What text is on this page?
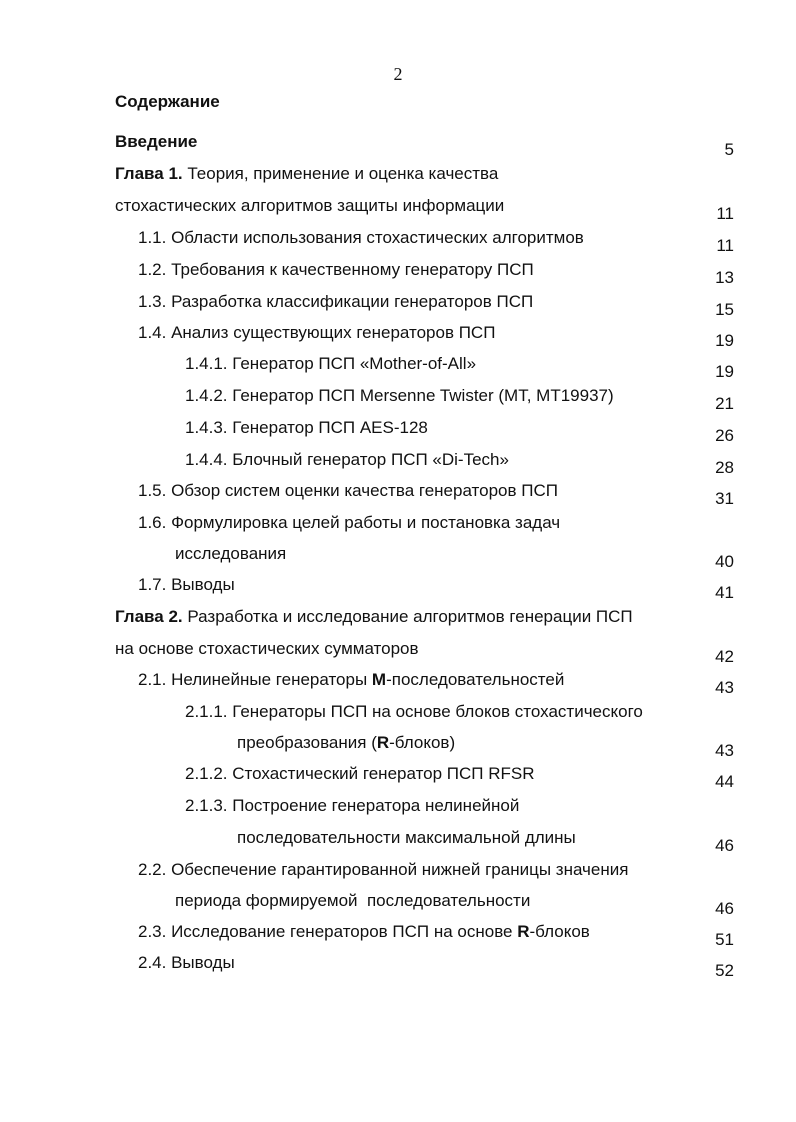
2
Содержание
Введение	5
Глава 1. Теория, применение и оценка качества
стохастических алгоритмов защиты информации	11
1.1. Области использования стохастических алгоритмов	11
1.2. Требования к качественному генератору ПСП	13
1.3. Разработка классификации генераторов ПСП	15
1.4. Анализ существующих генераторов ПСП	19
1.4.1. Генератор ПСП «Mother-of-All»	19
1.4.2. Генератор ПСП Mersenne Twister (MT, MT19937)	21
1.4.3. Генератор ПСП AES-128	26
1.4.4. Блочный генератор ПСП «Di-Tech»	28
1.5. Обзор систем оценки качества генераторов ПСП	31
1.6. Формулировка целей работы и постановка задач
исследования	40
1.7. Выводы	41
Глава 2. Разработка и исследование алгоритмов генерации ПСП
на основе стохастических сумматоров	42
2.1. Нелинейные генераторы M-последовательностей	43
2.1.1. Генераторы ПСП на основе блоков стохастического
преобразования (R-блоков)	43
2.1.2. Стохастический генератор ПСП RFSR	44
2.1.3. Построение генератора нелинейной
последовательности максимальной длины	46
2.2. Обеспечение гарантированной нижней границы значения
периода формируемой  последовательности	46
2.3. Исследование генераторов ПСП на основе R-блоков	51
2.4. Выводы	52
